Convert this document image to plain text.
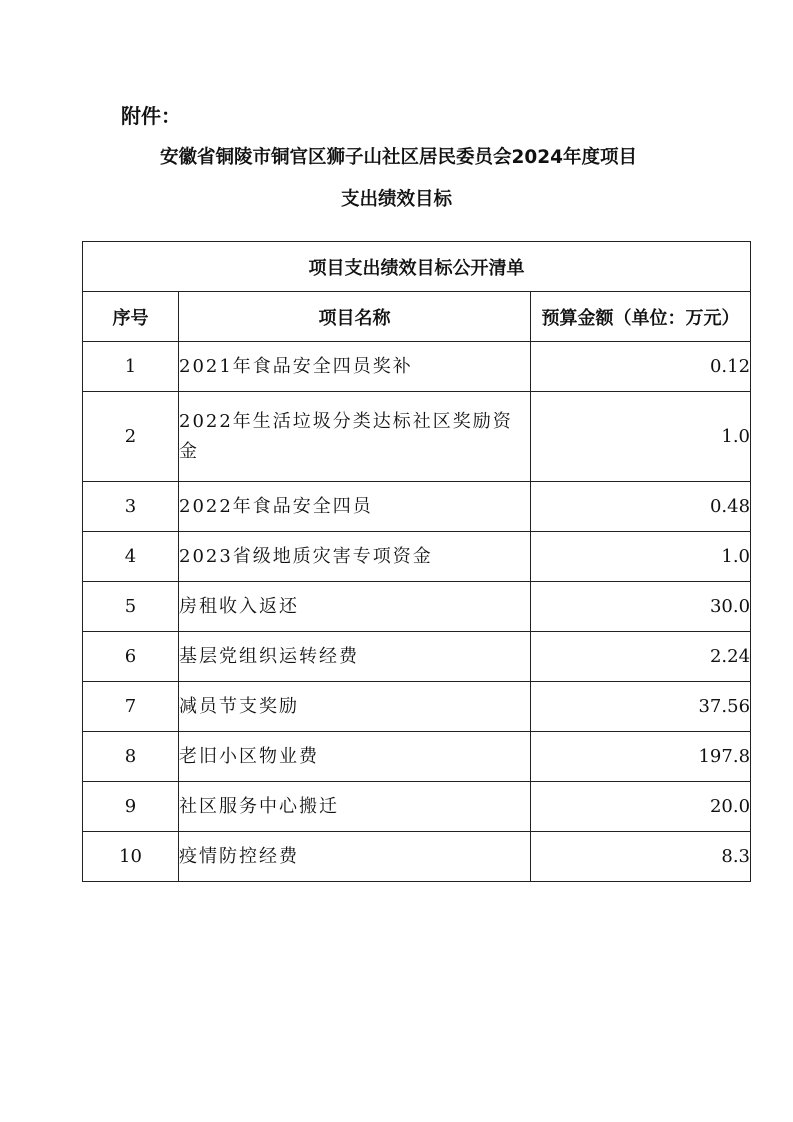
附件：
安徽省铜陵市铜官区狮子山社区居民委员会2024年度项目
支出绩效目标
项目支出绩效目标公开清单		
序号	项目名称	预算金额（单位：万元）
1	2021年食品安全四员奖补	0.12
2	2022年生活垃圾分类达标社区奖励资金	1.0
3	2022年食品安全四员	0.48
4	2023省级地质灾害专项资金	1.0
5	房租收入返还	30.0
6	基层党组织运转经费	2.24
7	减员节支奖励	37.56
8	老旧小区物业费	197.8
9	社区服务中心搬迁	20.0
10	疫情防控经费	8.3
